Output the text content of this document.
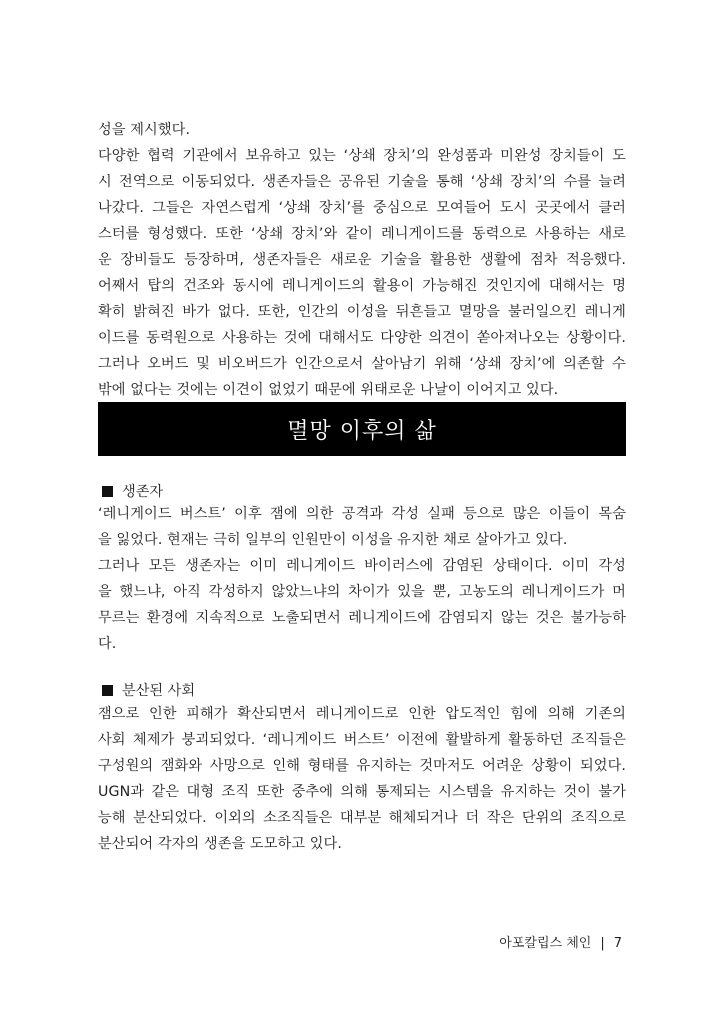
성을 제시했다.
다양한 협력 기관에서 보유하고 있는 ‘상쇄 장치’의 완성품과 미완성 장치들이 도
시 전역으로 이동되었다. 생존자들은 공유된 기술을 통해 ‘상쇄 장치’의 수를 늘려
나갔다. 그들은 자연스럽게 ‘상쇄 장치’를 중심으로 모여들어 도시 곳곳에서 클러
스터를 형성했다. 또한 ‘상쇄 장치’와 같이 레니게이드를 동력으로 사용하는 새로
운 장비들도 등장하며, 생존자들은 새로운 기술을 활용한 생활에 점차 적응했다.
어째서 탑의 건조와 동시에 레니게이드의 활용이 가능해진 것인지에 대해서는 명
확히 밝혀진 바가 없다. 또한, 인간의 이성을 뒤흔들고 멸망을 불러일으킨 레니게
이드를 동력원으로 사용하는 것에 대해서도 다양한 의견이 쏟아져나오는 상황이다.
그러나 오버드 및 비오버드가 인간으로서 살아남기 위해 ‘상쇄 장치’에 의존할 수
밖에 없다는 것에는 이견이 없었기 때문에 위태로운 나날이 이어지고 있다.
멸망 이후의 삶
생존자
‘레니게이드 버스트’ 이후 잼에 의한 공격과 각성 실패 등으로 많은 이들이 목숨
을 잃었다. 현재는 극히 일부의 인원만이 이성을 유지한 채로 살아가고 있다.
그러나 모든 생존자는 이미 레니게이드 바이러스에 감염된 상태이다. 이미 각성
을 했느냐, 아직 각성하지 않았느냐의 차이가 있을 뿐, 고농도의 레니게이드가 머
무르는 환경에 지속적으로 노출되면서 레니게이드에 감염되지 않는 것은 불가능하
다.
분산된 사회
잼으로 인한 피해가 확산되면서 레니게이드로 인한 압도적인 힘에 의해 기존의
사회 체제가 붕괴되었다. ‘레니게이드 버스트’ 이전에 활발하게 활동하던 조직들은
구성원의 잼화와 사망으로 인해 형태를 유지하는 것마저도 어려운 상황이 되었다.
UGN과 같은 대형 조직 또한 중추에 의해 통제되는 시스템을 유지하는 것이 불가
능해 분산되었다. 이외의 소조직들은 대부분 해체되거나 더 작은 단위의 조직으로
분산되어 각자의 생존을 도모하고 있다.
아포칼립스 체인 | 7
